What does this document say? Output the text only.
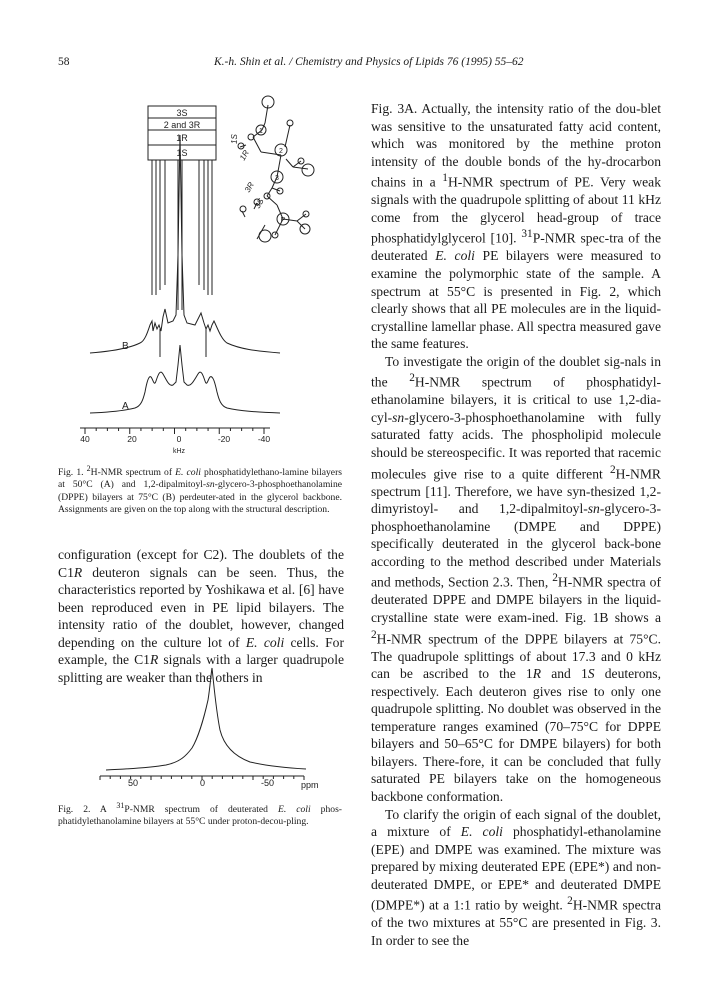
58	K.-h. Shin et al. / Chemistry and Physics of Lipids 76 (1995) 55–62
3S
2 and 3R
1R
1S
1S
1R
3R
3S
1
2
3
P
B
A
40	20	0	-20	-40
kHz

Fig. 1. $^2$H-NMR spectrum of E. coli phosphatidylethano-lamine bilayers at 50°C (A) and 1,2-dipalmitoyl-sn-glycero-3-phosphoethanolamine (DPPE) bilayers at 75°C (B) perdeuter-ated in the glycerol backbone. Assignments are given on the top along with the structural description.

configuration (except for C2). The doublets of the C1R deuteron signals can be seen. Thus, the characteristics reported by Yoshikawa et al. [6] have been reproduced even in PE lipid bilayers. The intensity ratio of the doublet, however, changed depending on the culture lot of E. coli cells. For example, the C1R signals with a larger quadrupole splitting are weaker than the others in

50	0	-50	ppm

Fig. 2. A $^{31}$P-NMR spectrum of deuterated E. coli phos-phatidylethanolamine bilayers at 55°C under proton-decou-pling.

Fig. 3A. Actually, the intensity ratio of the dou-blet was sensitive to the unsaturated fatty acid content, which was monitored by the methine proton intensity of the double bonds of the hy-drocarbon chains in a $^1$H-NMR spectrum of PE. Very weak signals with the quadrupole splitting of about 11 kHz come from the glycerol head-group of trace phosphatidylglycerol [10]. $^{31}$P-NMR spec-tra of the deuterated E. coli PE bilayers were measured to examine the polymorphic state of the sample. A spectrum at 55°C is presented in Fig. 2, which clearly shows that all PE molecules are in the liquid-crystalline lamellar phase. All spectra measured gave the same features.

To investigate the origin of the doublet sig-nals in the $^2$H-NMR spectrum of phosphatidyl-ethanolamine bilayers, it is critical to use 1,2-dia-cyl-sn-glycero-3-phosphoethanolamine with fully saturated fatty acids. The phospholipid molecule should be stereospecific. It was reported that racemic molecules give rise to a quite different $^2$H-NMR spectrum [11]. Therefore, we have syn-thesized 1,2-dimyristoyl- and 1,2-dipalmitoyl-sn-glycero-3-phosphoethanolamine (DMPE and DPPE) specifically deuterated in the glycerol back-bone according to the method described under Materials and methods, Section 2.3. Then, $^2$H-NMR spectra of deuterated DPPE and DMPE bilayers in the liquid-crystalline state were exam-ined. Fig. 1B shows a $^2$H-NMR spectrum of the DPPE bilayers at 75°C. The quadrupole splittings of about 17.3 and 0 kHz can be ascribed to the 1R and 1S deuterons, respectively. Each deuteron gives rise to only one quadrupole splitting. No doublet was observed in the temperature ranges examined (70–75°C for DPPE bilayers and 50–65°C for DMPE bilayers) for both bilayers. There-fore, it can be concluded that fully saturated PE bilayers take on the homogeneous backbone conformation.

To clarify the origin of each signal of the doublet, a mixture of E. coli phosphatidyl-ethanolamine (EPE) and DMPE was examined. The mixture was prepared by mixing deuterated EPE (EPE*) and non-deuterated DMPE, or EPE* and deuterated DMPE (DMPE*) at a 1:1 ratio by weight. $^2$H-NMR spectra of the two mixtures at 55°C are presented in Fig. 3. In order to see the
